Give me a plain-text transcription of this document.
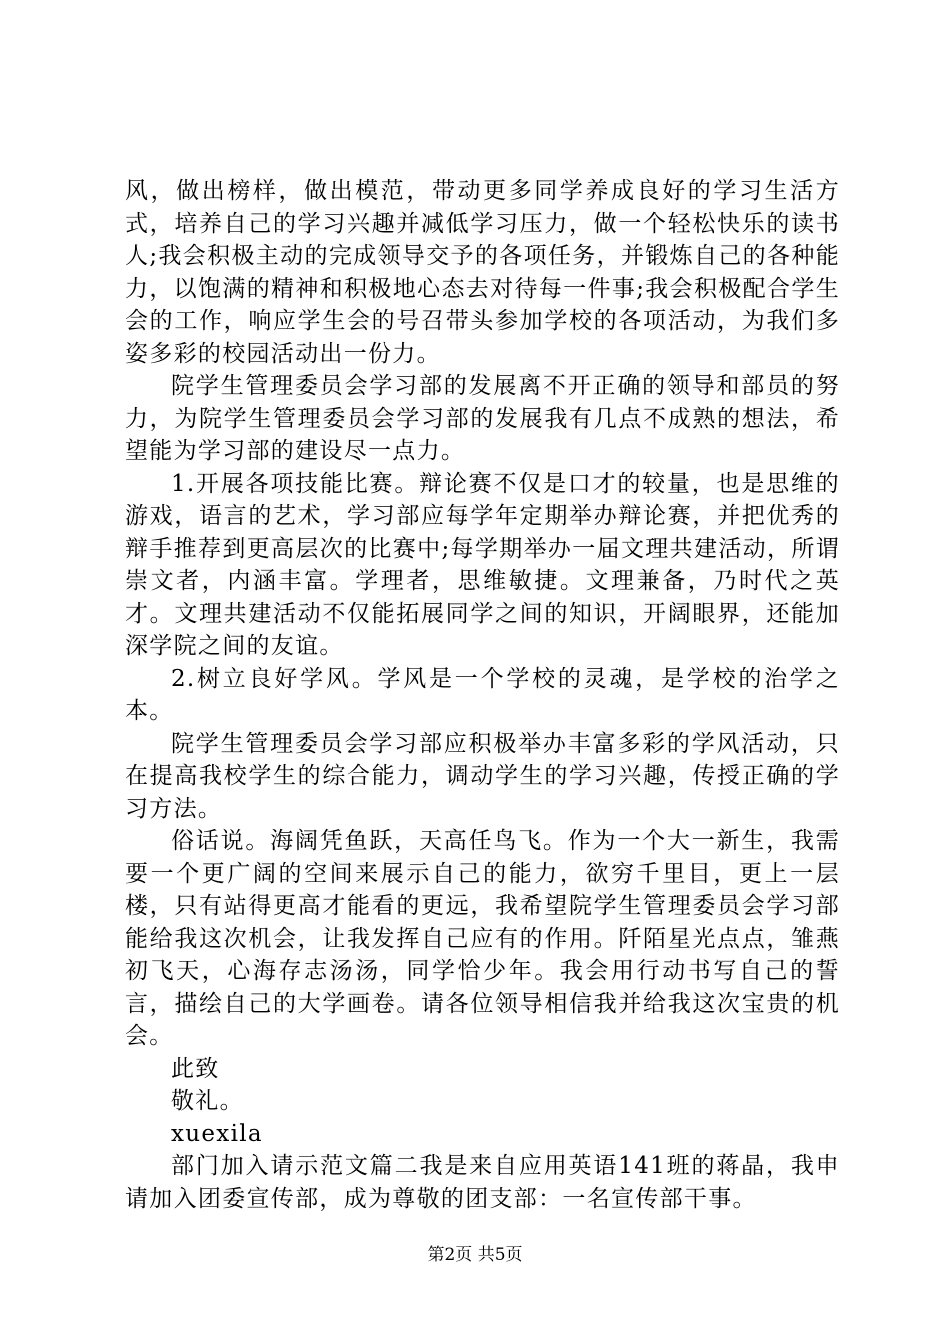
风，做出榜样，做出模范，带动更多同学养成良好的学习生活方式，培养自己的学习兴趣并减低学习压力，做一个轻松快乐的读书人;我会积极主动的完成领导交予的各项任务，并锻炼自己的各种能力，以饱满的精神和积极地心态去对待每一件事;我会积极配合学生会的工作，响应学生会的号召带头参加学校的各项活动，为我们多姿多彩的校园活动出一份力。

院学生管理委员会学习部的发展离不开正确的领导和部员的努力，为院学生管理委员会学习部的发展我有几点不成熟的想法，希望能为学习部的建设尽一点力。

1.开展各项技能比赛。辩论赛不仅是口才的较量，也是思维的游戏，语言的艺术，学习部应每学年定期举办辩论赛，并把优秀的辩手推荐到更高层次的比赛中;每学期举办一届文理共建活动，所谓崇文者，内涵丰富。学理者，思维敏捷。文理兼备，乃时代之英才。文理共建活动不仅能拓展同学之间的知识，开阔眼界，还能加深学院之间的友谊。

2.树立良好学风。学风是一个学校的灵魂，是学校的治学之本。

院学生管理委员会学习部应积极举办丰富多彩的学风活动，只在提高我校学生的综合能力，调动学生的学习兴趣，传授正确的学习方法。

俗话说。海阔凭鱼跃，天高任鸟飞。作为一个大一新生，我需要一个更广阔的空间来展示自己的能力，欲穷千里目，更上一层楼，只有站得更高才能看的更远，我希望院学生管理委员会学习部能给我这次机会，让我发挥自己应有的作用。阡陌星光点点，雏燕初飞天，心海存志汤汤，同学恰少年。我会用行动书写自己的誓言，描绘自己的大学画卷。请各位领导相信我并给我这次宝贵的机会。

此致

敬礼。

xuexila

部门加入请示范文篇二我是来自应用英语141班的蒋晶，我申请加入团委宣传部，成为尊敬的团支部：一名宣传部干事。

第2页 共5页
